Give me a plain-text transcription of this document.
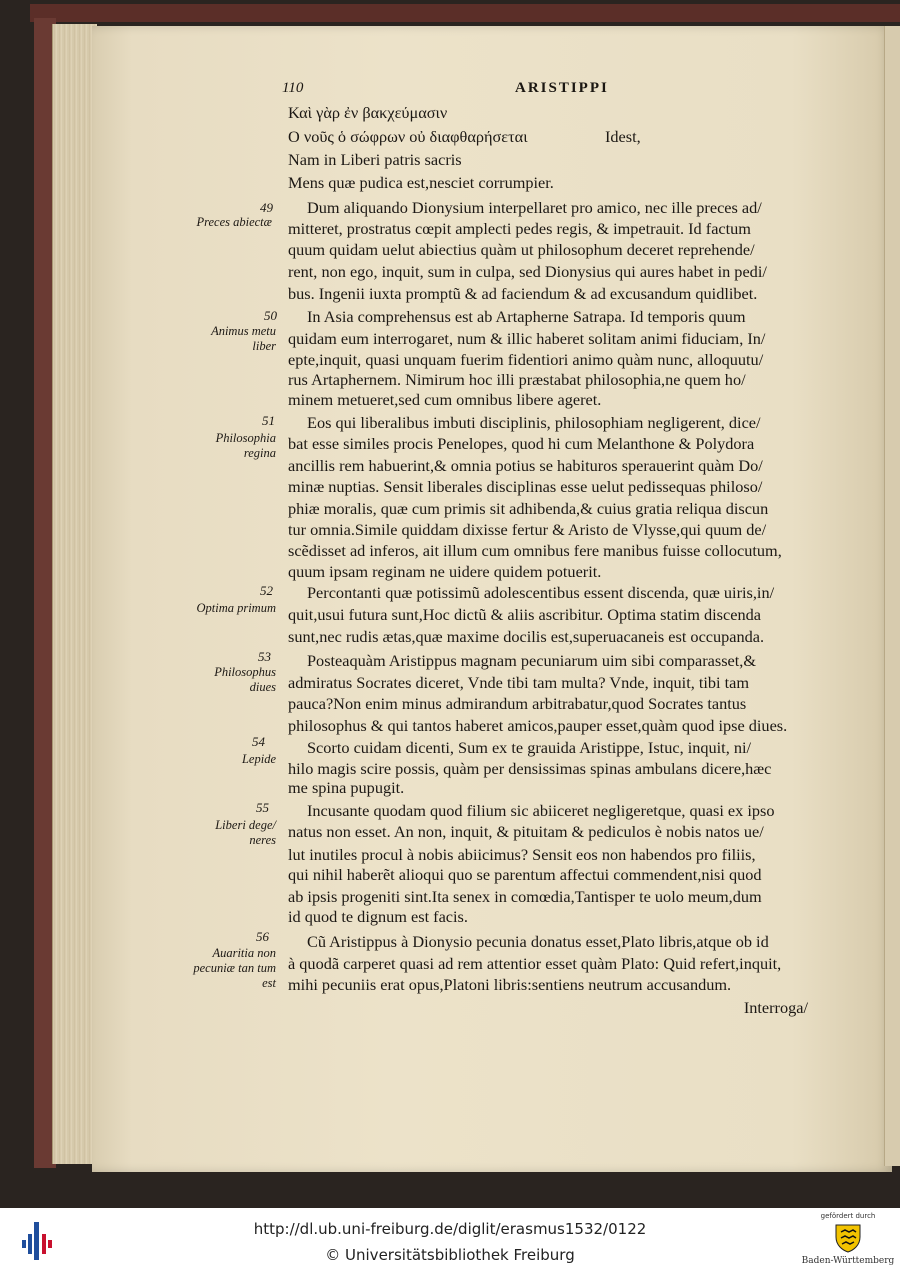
110	ARISTIPPI
Καὶ γὰρ ἐν βακχεύμασιν
Ο νοῦς ὁ σώφρων οὐ διαφθαρήσεται	Idest,
Nam in Liberi patris sacris
Mens quæ pudica est,nesciet corrumpier.
Dum aliquando Dionysium interpellaret pro amico, nec ille preces ad/
mitteret, prostratus cœpit amplecti pedes regis, & impetrauit. Id factum
quum quidam uelut abiectius quàm ut philosophum deceret reprehende/
rent, non ego, inquit, sum in culpa, sed Dionysius qui aures habet in pedi/
bus. Ingenii iuxta promptũ & ad faciendum & ad excusandum quidlibet.
In Asia comprehensus est ab Artapherne Satrapa. Id temporis quum
quidam eum interrogaret, num & illic haberet solitam animi fiduciam, In/
epte,inquit, quasi unquam fuerim fidentiori animo quàm nunc, alloquutu/
rus Artaphernem. Nimirum hoc illi præstabat philosophia,ne quem ho/
minem metueret,sed cum omnibus libere ageret.
Eos qui liberalibus imbuti disciplinis, philosophiam negligerent, dice/
bat esse similes procis Penelopes, quod hi cum Melanthone & Polydora
ancillis rem habuerint,& omnia potius se habituros sperauerint quàm Do/
minæ nuptias. Sensit liberales disciplinas esse uelut pedissequas philoso/
phiæ moralis, quæ cum primis sit adhibenda,& cuius gratia reliqua discun
tur omnia.Simile quiddam dixisse fertur & Aristo de Vlysse,qui quum de/
scẽdisset ad inferos, ait illum cum omnibus fere manibus fuisse collocutum,
quum ipsam reginam ne uidere quidem potuerit.
Percontanti quæ potissimũ adolescentibus essent discenda, quæ uiris,in/
quit,usui futura sunt,Hoc dictũ & aliis ascribitur. Optima statim discenda
sunt,nec rudis ætas,quæ maxime docilis est,superuacaneis est occupanda.
Posteaquàm Aristippus magnam pecuniarum uim sibi comparasset,&
admiratus Socrates diceret, Vnde tibi tam multa? Vnde, inquit, tibi tam
pauca?Non enim minus admirandum arbitrabatur,quod Socrates tantus
philosophus & qui tantos haberet amicos,pauper esset,quàm quod ipse diues.
Scorto cuidam dicenti, Sum ex te grauida Aristippe, Istuc, inquit, ni/
hilo magis scire possis, quàm per densissimas spinas ambulans dicere,hæc
me spina pupugit.
Incusante quodam quod filium sic abiiceret negligeretque, quasi ex ipso
natus non esset. An non, inquit, & pituitam & pediculos è nobis natos ue/
lut inutiles procul à nobis abiicimus? Sensit eos non habendos pro filiis,
qui nihil haberẽt alioqui quo se parentum affectui commendent,nisi quod
ab ipsis progeniti sint.Ita senex in comœdia,Tantisper te uolo meum,dum
id quod te dignum est facis.
Cũ Aristippus à Dionysio pecunia donatus esset,Plato libris,atque ob id
à quodã carperet quasi ad rem attentior esset quàm Plato: Quid refert,inquit,
mihi pecuniis erat opus,Platoni libris:sentiens neutrum accusandum.
Interroga/
49
50
51
52
53
54
55
56
Preces abiectæ
Animus metu liber
Philosophia regina
Optima primum
Philosophus diues
Lepide
Liberi dege/ neres
Auaritia non pecuniæ tan tum est
http://dl.ub.uni-freiburg.de/diglit/erasmus1532/0122
© Universitätsbibliothek Freiburg
gefördert durch
Baden-Württemberg
